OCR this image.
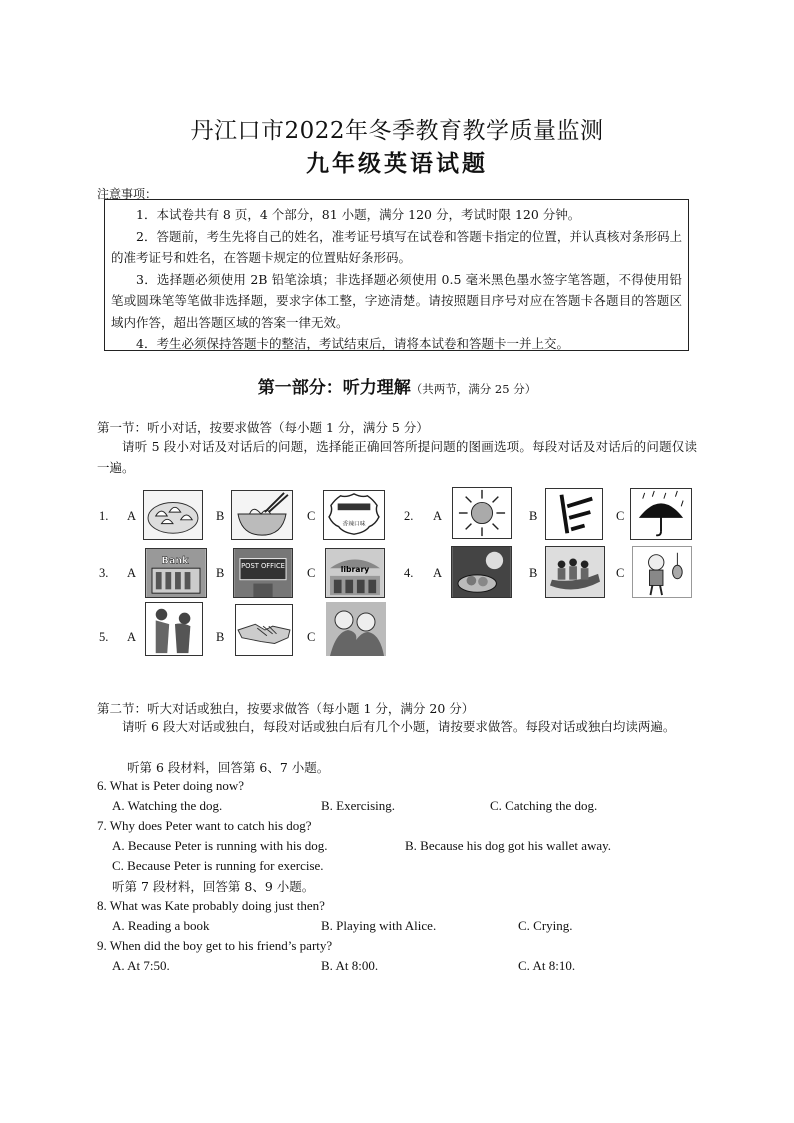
丹江口市2022年冬季教育教学质量监测
九年级英语试题
注意事项：

1．本试卷共有 8 页，4 个部分，81 小题，满分 120 分，考试时限 120 分钟。

2．答题前，考生先将自己的姓名，准考证号填写在试卷和答题卡指定的位置，并认真核对条形码上的准考证号和姓名，在答题卡规定的位置贴好条形码。

3．选择题必须使用 2B 铅笔涂填；非选择题必须使用 0.5 毫米黑色墨水签字笔答题，不得使用铅笔或圆珠笔等笔做非选择题，要求字体工整，字迹清楚。请按照题目序号对应在答题卡各题目的答题区域内作答，超出答题区域的答案一律无效。

4．考生必须保持答题卡的整洁，考试结束后，请将本试卷和答题卡一并上交。

第一部分：听力理解（共两节，满分 25 分）
第一节：听小对话，按要求做答（每小题 1 分，满分 5 分）
请听 5 段小对话及对话后的问题，选择能正确回答所提问题的图画选项。每段对话及对话后的问题仅读一遍。
1. A	B	C
香辣口味
2. A	B	C
3. A
Bank
B POST OFFICE C	library	4. A	B	C
5. A	B	C
第二节：听大对话或独白，按要求做答（每小题 1 分，满分 20 分）
请听 6 段大对话或独白，每段对话或独白后有几个小题，请按要求做答。每段对话或独白均读两遍。
听第 6 段材料，回答第 6、7 小题。
6. What is Peter doing now?
A. Watching the dog.	B. Exercising.	C. Catching the dog.
7. Why does Peter want to catch his dog?
A. Because Peter is running with his dog.	B. Because his dog got his wallet away.
C. Because Peter is running for exercise.
听第 7 段材料，回答第 8、9 小题。
8. What was Kate probably doing just then?
A. Reading a book	B. Playing with Alice.	C. Crying.
9. When did the boy get to his friend’s party?
A. At 7:50.	B. At 8:00.	C. At 8:10.
